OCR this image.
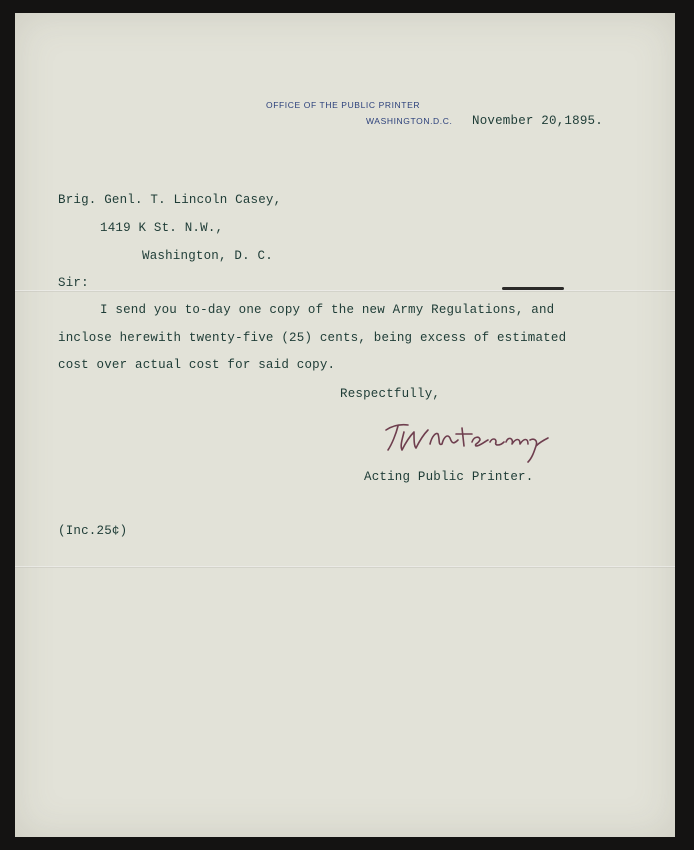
OFFICE OF THE PUBLIC PRINTER
WASHINGTON.D.C. November 20,1895.
Brig. Genl. T. Lincoln Casey,
1419 K St. N.W.,
Washington, D. C.
Sir:
I send you to-day one copy of the new Army Regulations, and
inclose herewith twenty-five (25) cents, being excess of estimated
cost over actual cost for said copy.
Respectfully,
Acting Public Printer.
(Inc.25¢)
